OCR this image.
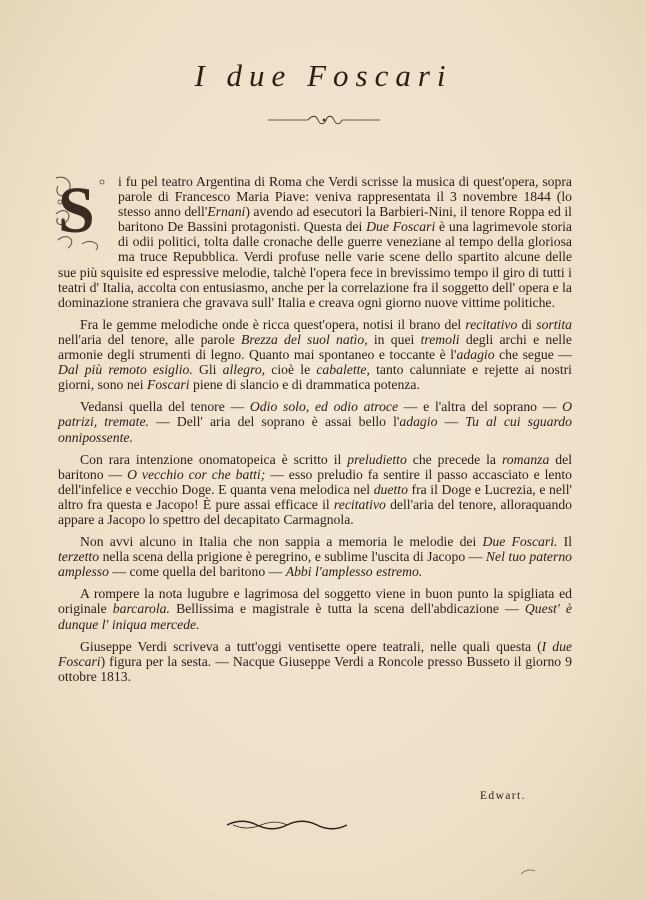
I due Foscari

S i fu pel teatro Argentina di Roma che Verdi scrisse la musica di quest'opera, sopra parole di Francesco Maria Piave: veniva rappresentata il 3 novembre 1844 (lo stesso anno dell'Ernani) avendo ad esecutori la Barbieri-Nini, il tenore Roppa ed il baritono De Bassini protagonisti. Questa dei Due Foscari è una lagrimevole storia di odii politici, tolta dalle cronache delle guerre veneziane al tempo della gloriosa ma truce Repubblica. Verdi profuse nelle varie scene dello spartito alcune delle sue più squisite ed espressive melodie, talchè l'opera fece in brevissimo tempo il giro di tutti i teatri d' Italia, accolta con entusiasmo, anche per la correlazione fra il soggetto dell' opera e la dominazione straniera che gravava sull' Italia e creava ogni giorno nuove vittime politiche.

Fra le gemme melodiche onde è ricca quest'opera, notisi il brano del recitativo di sortita nell'aria del tenore, alle parole Brezza del suol natìo, in quei tremoli degli archi e nelle armonie degli strumenti di legno. Quanto mai spontaneo e toccante è l'adagio che segue — Dal più remoto esiglio. Gli allegro, cioè le cabalette, tanto calunniate e rejette ai nostri giorni, sono nei Foscari piene di slancio e di drammatica potenza.

Vedansi quella del tenore — Odio solo, ed odio atroce — e l'altra del soprano — O patrizi, tremate. — Dell' aria del soprano è assai bello l'adagio — Tu al cui sguardo onnipossente.

Con rara intenzione onomatopeica è scritto il preludietto che precede la romanza del baritono — O vecchio cor che batti; — esso preludio fa sentire il passo accasciato e lento dell'infelice e vecchio Doge. E quanta vena melodica nel duetto fra il Doge e Lucrezia, e nell' altro fra questa e Jacopo! È pure assai efficace il recitativo dell'aria del tenore, alloraquando appare a Jacopo lo spettro del decapitato Carmagnola.

Non avvi alcuno in Italia che non sappia a memoria le melodie dei Due Foscari. Il terzetto nella scena della prigione è peregrino, e sublime l'uscita di Jacopo — Nel tuo paterno amplesso — come quella del baritono — Abbi l'amplesso estremo.

A rompere la nota lugubre e lagrimosa del soggetto viene in buon punto la spigliata ed originale barcarola. Bellissima e magistrale è tutta la scena dell'abdicazione — Quest' è dunque l' iniqua mercede.

Giuseppe Verdi scriveva a tutt'oggi ventisette opere teatrali, nelle quali questa (I due Foscari) figura per la sesta. — Nacque Giuseppe Verdi a Roncole presso Busseto il giorno 9 ottobre 1813.

Edwart.
